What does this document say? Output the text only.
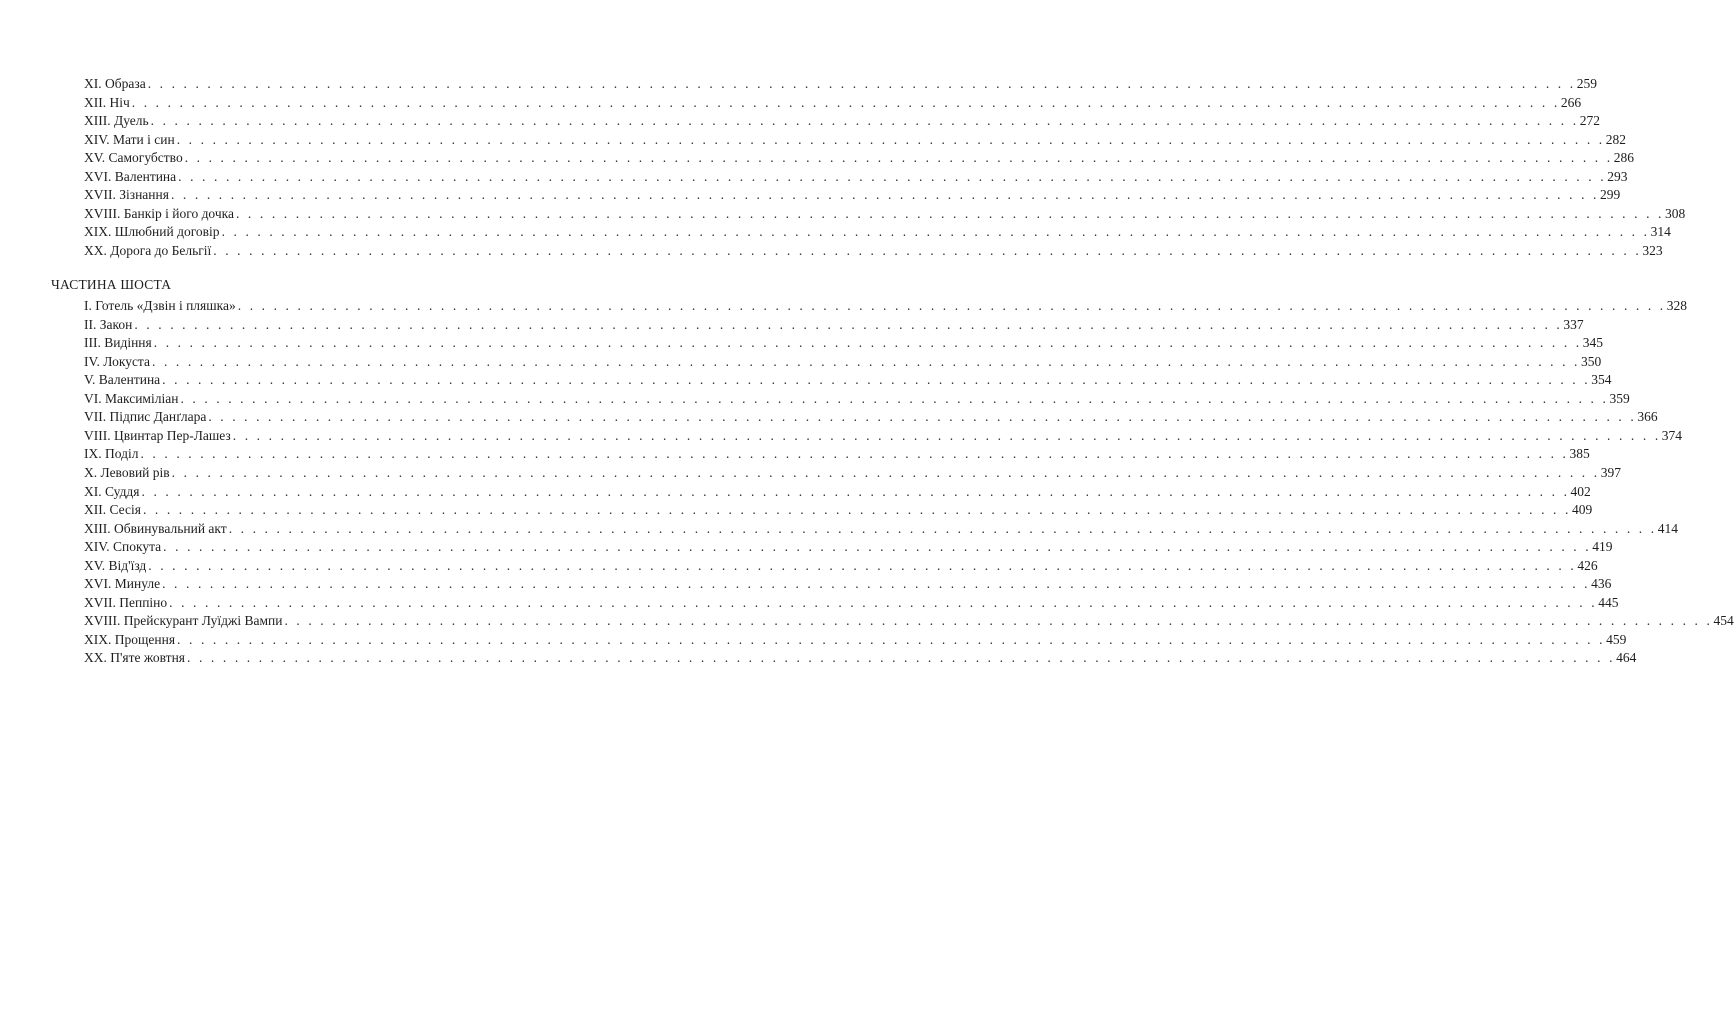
XI. Образа . . . . . . . . . . . . . . . . . . . . . . . . . . . . . . . . . . . . . . . . . . . . . . . . . . . . . . . . . . . . . . . . . . . . . . . . . . . . . . . . . . . . . . . . . . . . . . . . . . . . . . . . . . . . . . . . . . . . . . . . 259
XII. Ніч . . . . . . . . . . . . . . . . . . . . . . . . . . . . . . . . . . . . . . . . . . . . . . . . . . . . . . . . . . . . . . . . . . . . . . . . . . . . . . . . . . . . . . . . . . . . . . . . . . . . . . . . . . . . . . . . . . . . . . . . 266
XIII. Дуель . . . . . . . . . . . . . . . . . . . . . . . . . . . . . . . . . . . . . . . . . . . . . . . . . . . . . . . . . . . . . . . . . . . . . . . . . . . . . . . . . . . . . . . . . . . . . . . . . . . . . . . . . . . . . . . . . . . . . . . . 272
XIV. Мати і син . . . . . . . . . . . . . . . . . . . . . . . . . . . . . . . . . . . . . . . . . . . . . . . . . . . . . . . . . . . . . . . . . . . . . . . . . . . . . . . . . . . . . . . . . . . . . . . . . . . . . . . . . . . . . . . . . . . . . . . . 282
XV. Самогубство . . . . . . . . . . . . . . . . . . . . . . . . . . . . . . . . . . . . . . . . . . . . . . . . . . . . . . . . . . . . . . . . . . . . . . . . . . . . . . . . . . . . . . . . . . . . . . . . . . . . . . . . . . . . . . . . . . . . . . . . 286
XVI. Валентина . . . . . . . . . . . . . . . . . . . . . . . . . . . . . . . . . . . . . . . . . . . . . . . . . . . . . . . . . . . . . . . . . . . . . . . . . . . . . . . . . . . . . . . . . . . . . . . . . . . . . . . . . . . . . . . . . . . . . . . . 293
XVII. Зізнання . . . . . . . . . . . . . . . . . . . . . . . . . . . . . . . . . . . . . . . . . . . . . . . . . . . . . . . . . . . . . . . . . . . . . . . . . . . . . . . . . . . . . . . . . . . . . . . . . . . . . . . . . . . . . . . . . . . . . . . . 299
XVIII. Банкір і його дочка . . . . . . . . . . . . . . . . . . . . . . . . . . . . . . . . . . . . . . . . . . . . . . . . . . . . . . . . . . . . . . . . . . . . . . . . . . . . . . . . . . . . . . . . . . . . . . . . . . . . . . . . . . . . . . . . . . . . . . . . 308
XIX. Шлюбний договір . . . . . . . . . . . . . . . . . . . . . . . . . . . . . . . . . . . . . . . . . . . . . . . . . . . . . . . . . . . . . . . . . . . . . . . . . . . . . . . . . . . . . . . . . . . . . . . . . . . . . . . . . . . . . . . . . . . . . . . . 314
XX. Дорога до Бельгії . . . . . . . . . . . . . . . . . . . . . . . . . . . . . . . . . . . . . . . . . . . . . . . . . . . . . . . . . . . . . . . . . . . . . . . . . . . . . . . . . . . . . . . . . . . . . . . . . . . . . . . . . . . . . . . . . . . . . . . . 323
ЧАСТИНА ШОСТА
I. Готель «Дзвін і пляшка» . . . . . . . . . . . . . . . . . . . . . . . . . . . . . . . . . . . . . . . . . . . . . . . . . . . . . . . . . . . . . . . . . . . . . . . . . . . . . . . . . . . . . . . . . . . . . . . . . . . . . . . . . . . . . . . . . . . . . . . . 328
II. Закон . . . . . . . . . . . . . . . . . . . . . . . . . . . . . . . . . . . . . . . . . . . . . . . . . . . . . . . . . . . . . . . . . . . . . . . . . . . . . . . . . . . . . . . . . . . . . . . . . . . . . . . . . . . . . . . . . . . . . . . . 337
III. Видіння . . . . . . . . . . . . . . . . . . . . . . . . . . . . . . . . . . . . . . . . . . . . . . . . . . . . . . . . . . . . . . . . . . . . . . . . . . . . . . . . . . . . . . . . . . . . . . . . . . . . . . . . . . . . . . . . . . . . . . . . 345
IV. Локуста . . . . . . . . . . . . . . . . . . . . . . . . . . . . . . . . . . . . . . . . . . . . . . . . . . . . . . . . . . . . . . . . . . . . . . . . . . . . . . . . . . . . . . . . . . . . . . . . . . . . . . . . . . . . . . . . . . . . . . . . 350
V. Валентина . . . . . . . . . . . . . . . . . . . . . . . . . . . . . . . . . . . . . . . . . . . . . . . . . . . . . . . . . . . . . . . . . . . . . . . . . . . . . . . . . . . . . . . . . . . . . . . . . . . . . . . . . . . . . . . . . . . . . . . . 354
VI. Максиміліан . . . . . . . . . . . . . . . . . . . . . . . . . . . . . . . . . . . . . . . . . . . . . . . . . . . . . . . . . . . . . . . . . . . . . . . . . . . . . . . . . . . . . . . . . . . . . . . . . . . . . . . . . . . . . . . . . . . . . . . . 359
VII. Підпис Данґлара . . . . . . . . . . . . . . . . . . . . . . . . . . . . . . . . . . . . . . . . . . . . . . . . . . . . . . . . . . . . . . . . . . . . . . . . . . . . . . . . . . . . . . . . . . . . . . . . . . . . . . . . . . . . . . . . . . . . . . . . 366
VIII. Цвинтар Пер-Лашез . . . . . . . . . . . . . . . . . . . . . . . . . . . . . . . . . . . . . . . . . . . . . . . . . . . . . . . . . . . . . . . . . . . . . . . . . . . . . . . . . . . . . . . . . . . . . . . . . . . . . . . . . . . . . . . . . . . . . . . . 374
IX. Поділ . . . . . . . . . . . . . . . . . . . . . . . . . . . . . . . . . . . . . . . . . . . . . . . . . . . . . . . . . . . . . . . . . . . . . . . . . . . . . . . . . . . . . . . . . . . . . . . . . . . . . . . . . . . . . . . . . . . . . . . . 385
X. Левовий рів . . . . . . . . . . . . . . . . . . . . . . . . . . . . . . . . . . . . . . . . . . . . . . . . . . . . . . . . . . . . . . . . . . . . . . . . . . . . . . . . . . . . . . . . . . . . . . . . . . . . . . . . . . . . . . . . . . . . . . . . 397
XI. Суддя . . . . . . . . . . . . . . . . . . . . . . . . . . . . . . . . . . . . . . . . . . . . . . . . . . . . . . . . . . . . . . . . . . . . . . . . . . . . . . . . . . . . . . . . . . . . . . . . . . . . . . . . . . . . . . . . . . . . . . . . 402
XII. Сесія . . . . . . . . . . . . . . . . . . . . . . . . . . . . . . . . . . . . . . . . . . . . . . . . . . . . . . . . . . . . . . . . . . . . . . . . . . . . . . . . . . . . . . . . . . . . . . . . . . . . . . . . . . . . . . . . . . . . . . . . 409
XIII. Обвинувальний акт . . . . . . . . . . . . . . . . . . . . . . . . . . . . . . . . . . . . . . . . . . . . . . . . . . . . . . . . . . . . . . . . . . . . . . . . . . . . . . . . . . . . . . . . . . . . . . . . . . . . . . . . . . . . . . . . . . . . . . . . 414
XIV. Спокута . . . . . . . . . . . . . . . . . . . . . . . . . . . . . . . . . . . . . . . . . . . . . . . . . . . . . . . . . . . . . . . . . . . . . . . . . . . . . . . . . . . . . . . . . . . . . . . . . . . . . . . . . . . . . . . . . . . . . . . . 419
XV. Від'їзд . . . . . . . . . . . . . . . . . . . . . . . . . . . . . . . . . . . . . . . . . . . . . . . . . . . . . . . . . . . . . . . . . . . . . . . . . . . . . . . . . . . . . . . . . . . . . . . . . . . . . . . . . . . . . . . . . . . . . . . . 426
XVI. Минуле . . . . . . . . . . . . . . . . . . . . . . . . . . . . . . . . . . . . . . . . . . . . . . . . . . . . . . . . . . . . . . . . . . . . . . . . . . . . . . . . . . . . . . . . . . . . . . . . . . . . . . . . . . . . . . . . . . . . . . . . 436
XVII. Пеппіно . . . . . . . . . . . . . . . . . . . . . . . . . . . . . . . . . . . . . . . . . . . . . . . . . . . . . . . . . . . . . . . . . . . . . . . . . . . . . . . . . . . . . . . . . . . . . . . . . . . . . . . . . . . . . . . . . . . . . . . . 445
XVIII. Прейскурант Луїджі Вампи . . . . . . . . . . . . . . . . . . . . . . . . . . . . . . . . . . . . . . . . . . . . . . . . . . . . . . . . . . . . . . . . . . . . . . . . . . . . . . . . . . . . . . . . . . . . . . . . . . . . . . . . . . . . . . . . . . . . . . . . 454
XIX. Прощення . . . . . . . . . . . . . . . . . . . . . . . . . . . . . . . . . . . . . . . . . . . . . . . . . . . . . . . . . . . . . . . . . . . . . . . . . . . . . . . . . . . . . . . . . . . . . . . . . . . . . . . . . . . . . . . . . . . . . . . . 459
XX. П'яте жовтня . . . . . . . . . . . . . . . . . . . . . . . . . . . . . . . . . . . . . . . . . . . . . . . . . . . . . . . . . . . . . . . . . . . . . . . . . . . . . . . . . . . . . . . . . . . . . . . . . . . . . . . . . . . . . . . . . . . . . . . . 464
